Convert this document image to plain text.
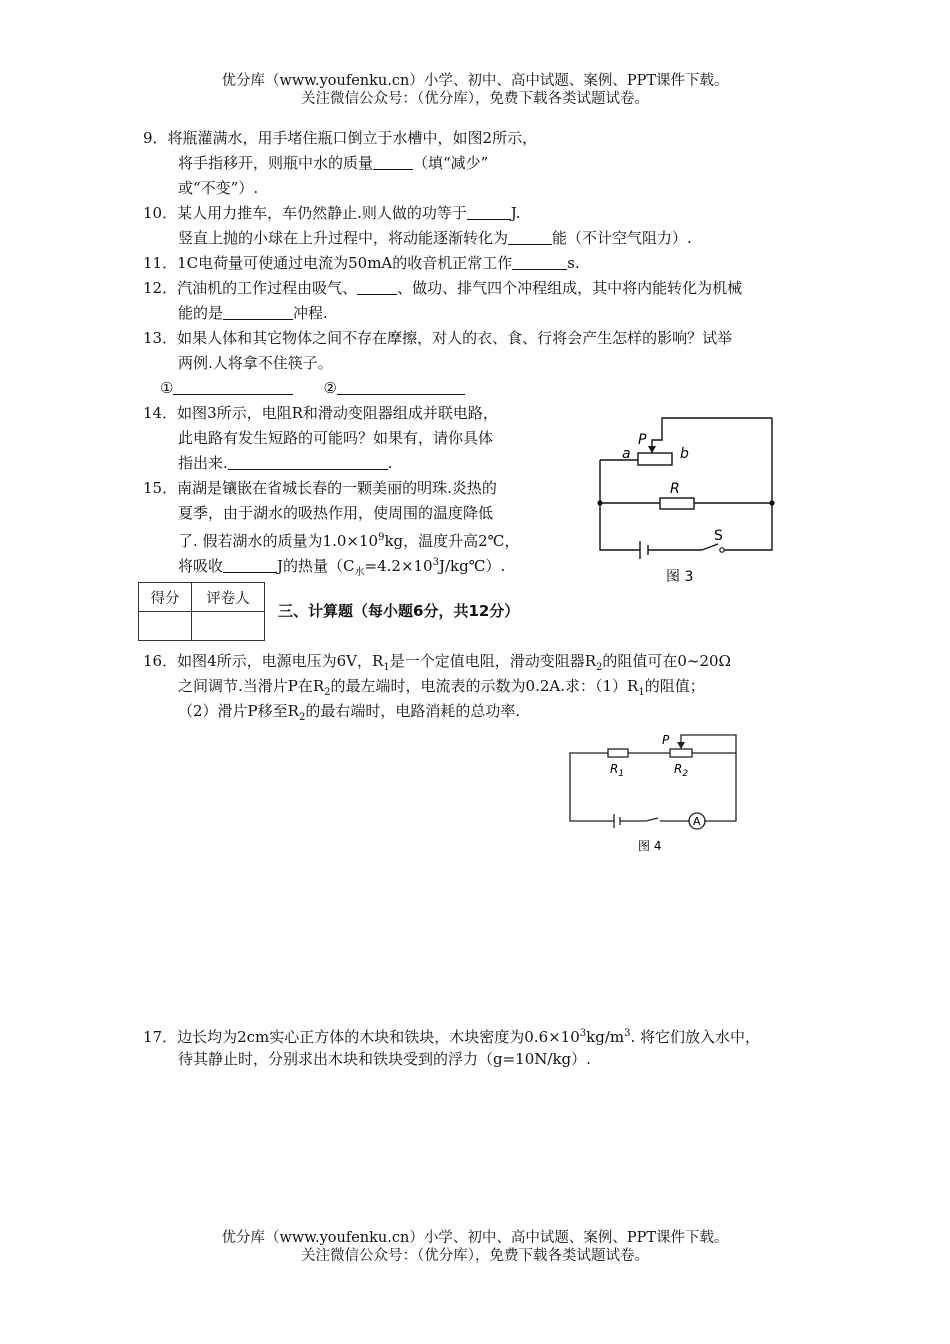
优分库（www.youfenku.cn）小学、初中、高中试题、案例、PPT课件下载。
关注微信公众号：（优分库），免费下载各类试题试卷。
9．将瓶灌满水，用手堵住瓶口倒立于水槽中，如图2所示，
将手指移开，则瓶中水的质量	（填“减少”
或“不变”）.
10．某人用力推车，车仍然静止.则人做的功等于	J.
竖直上抛的小球在上升过程中，将动能逐渐转化为	能（不计空气阻力）.
11．1C电荷量可使通过电流为50mA的收音机正常工作	s.
12．汽油机的工作过程由吸气、	、做功、排气四个冲程组成，其中将内能转化为机械
能的是	冲程.
13．如果人体和其它物体之间不存在摩擦，对人的衣、食、行将会产生怎样的影响？试举
两例.人将拿不住筷子。
①	②
14．如图3所示，电阻R和滑动变阻器组成并联电路，
此电路有发生短路的可能吗？如果有，请你具体
指出来.	.
15．南湖是镶嵌在省城长春的一颗美丽的明珠.炎热的
夏季，由于湖水的吸热作用，使周围的温度降低
了. 假若湖水的质量为$1.0\times 10^9kg$，温度升高2℃，
将吸收	J的热量$(C_水=4.2\times 10^3J/kg℃)$.
P
a	b
R
S
图 3
得分	评卷人

三、计算题（每小题6分，共12分）
16．如图4所示，电源电压为6V，$R_1$是一个定值电阻，滑动变阻器$R_2$的阻值可在0~20Ω
之间调节.当滑片P在$R_2$的最左端时，电流表的示数为0.2A.求：$(1)R_1$的阻值；
（2）滑片P移至$R_2$的最右端时，电路消耗的总功率.
P
$R_1$	$R_2$
A
图 4
17．边长均为2cm实心正方体的木块和铁块，木块密度为$0.6\times 10^3kg/m^3$. 将它们放入水中，
待其静止时，分别求出木块和铁块受到的浮力（g=10N/kg）.
优分库（www.youfenku.cn）小学、初中、高中试题、案例、PPT课件下载。
关注微信公众号：（优分库），免费下载各类试题试卷。
